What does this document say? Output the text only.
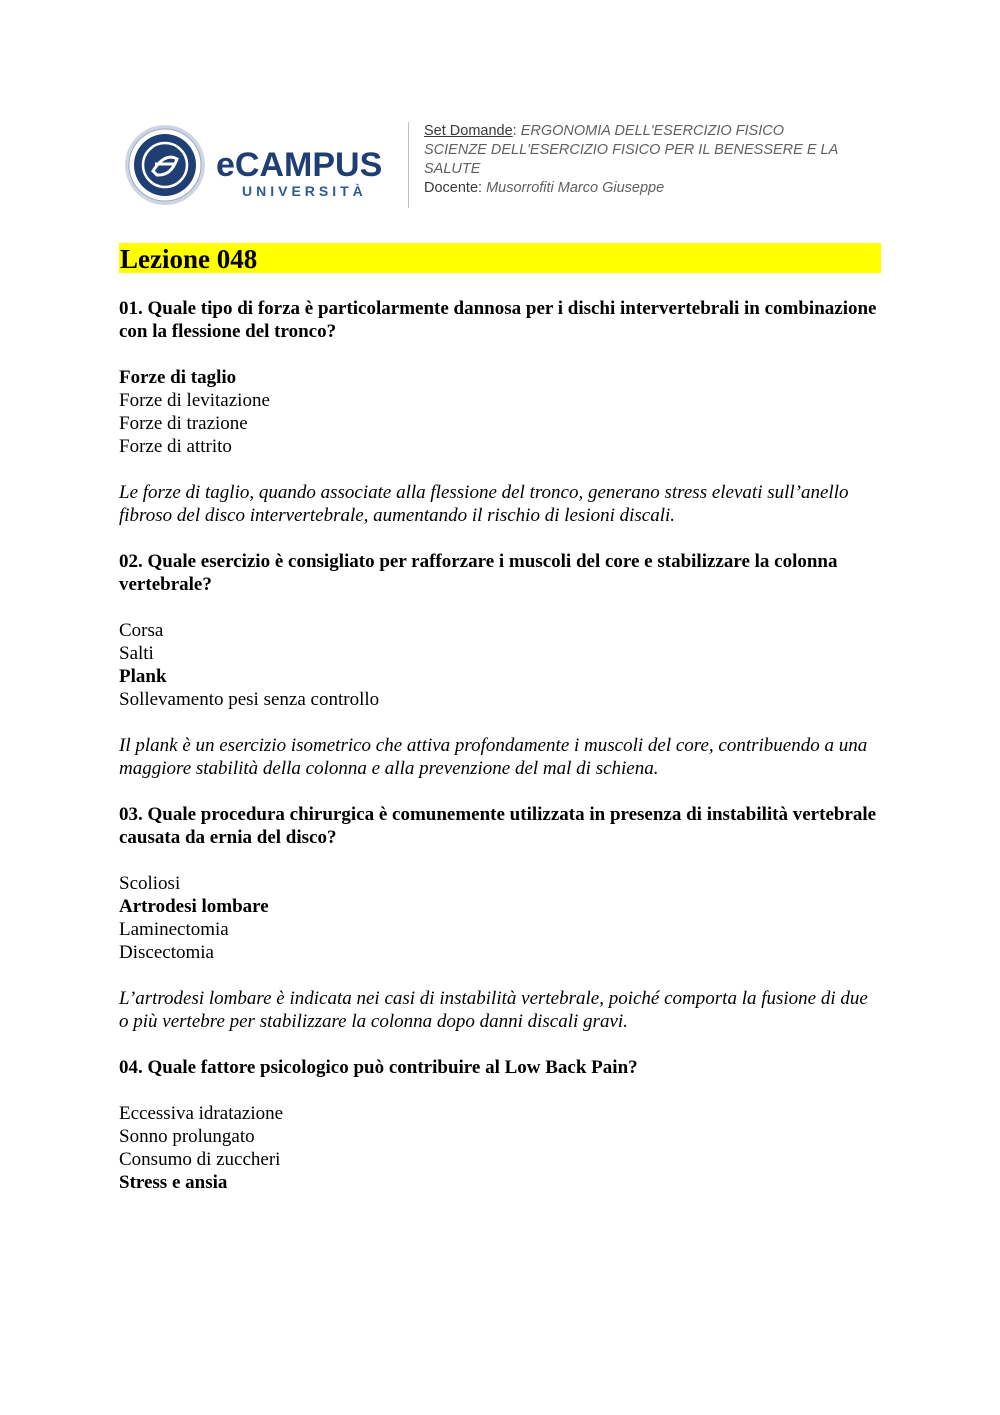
eCAMPUS
UNIVERSITÀ
Set Domande: ERGONOMIA DELL'ESERCIZIO FISICO
SCIENZE DELL'ESERCIZIO FISICO PER IL BENESSERE E LA
SALUTE
Docente: Musorrofiti Marco Giuseppe
Lezione 048

01. Quale tipo di forza è particolarmente dannosa per i dischi intervertebrali in combinazione con la flessione del tronco?

Forze di taglio

Forze di levitazione

Forze di trazione

Forze di attrito

Le forze di taglio, quando associate alla flessione del tronco, generano stress elevati sull’anello fibroso del disco intervertebrale, aumentando il rischio di lesioni discali.

02. Quale esercizio è consigliato per rafforzare i muscoli del core e stabilizzare la colonna vertebrale?

Corsa

Salti

Plank

Sollevamento pesi senza controllo

Il plank è un esercizio isometrico che attiva profondamente i muscoli del core, contribuendo a una maggiore stabilità della colonna e alla prevenzione del mal di schiena.

03. Quale procedura chirurgica è comunemente utilizzata in presenza di instabilità vertebrale causata da ernia del disco?

Scoliosi

Artrodesi lombare

Laminectomia

Discectomia

L’artrodesi lombare è indicata nei casi di instabilità vertebrale, poiché comporta la fusione di due o più vertebre per stabilizzare la colonna dopo danni discali gravi.

04. Quale fattore psicologico può contribuire al Low Back Pain?

Eccessiva idratazione

Sonno prolungato

Consumo di zuccheri

Stress e ansia
